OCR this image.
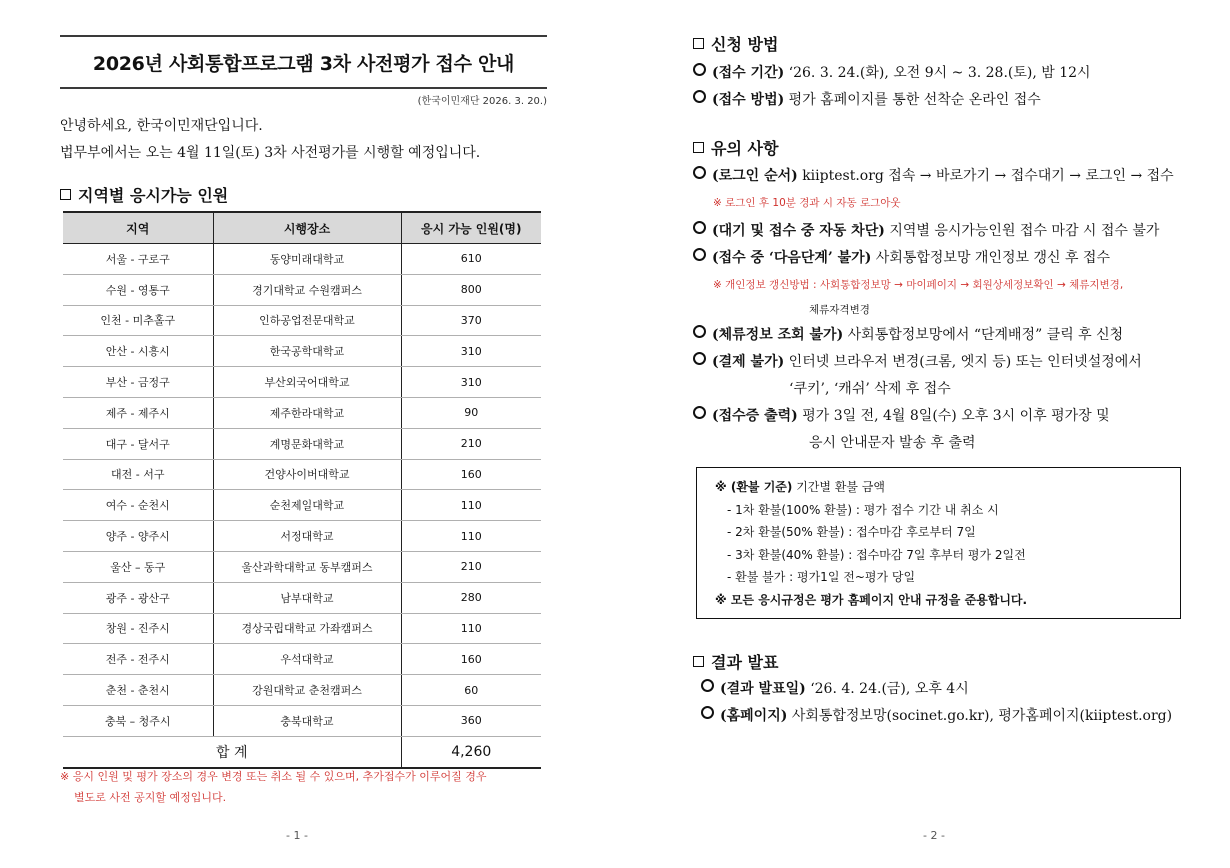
2026년 사회통합프로그램 3차 사전평가 접수 안내
(한국이민재단 2026. 3. 20.)
안녕하세요, 한국이민재단입니다.
법무부에서는 오는 4월 11일(토) 3차 사전평가를 시행할 예정입니다.
지역별 응시가능 인원
지역	시행장소	응시 가능 인원(명)
서울 - 구로구	동양미래대학교	610
수원 - 영통구	경기대학교 수원캠퍼스	800
인천 - 미추홀구	인하공업전문대학교	370
안산 - 시흥시	한국공학대학교	310
부산 - 금정구	부산외국어대학교	310
제주 - 제주시	제주한라대학교	90
대구 - 달서구	계명문화대학교	210
대전 - 서구	건양사이버대학교	160
여수 - 순천시	순천제일대학교	110
양주 - 양주시	서정대학교	110
울산 – 동구	울산과학대학교 동부캠퍼스	210
광주 - 광산구	남부대학교	280
창원 - 진주시	경상국립대학교 가좌캠퍼스	110
전주 - 전주시	우석대학교	160
춘천 - 춘천시	강원대학교 춘천캠퍼스	60
충북 – 청주시	충북대학교	360
합 계		4,260
※ 응시 인원 및 평가 장소의 경우 변경 또는 취소 될 수 있으며, 추가접수가 이루어질 경우
별도로 사전 공지할 예정입니다.
- 1 -
신청 방법
(접수 기간) ‘26. 3. 24.(화), 오전 9시 ~ 3. 28.(토), 밤 12시
(접수 방법) 평가 홈페이지를 통한 선착순 온라인 접수
유의 사항
(로그인 순서) kiiptest.org 접속 → 바로가기 → 접수대기 → 로그인 → 접수
※ 로그인 후 10분 경과 시 자동 로그아웃
(대기 및 접수 중 자동 차단) 지역별 응시가능인원 접수 마감 시 접수 불가
(접수 중 ‘다음단계’ 불가) 사회통합정보망 개인정보 갱신 후 접수
※ 개인정보 갱신방법 : 사회통합정보망 → 마이페이지 → 회원상세정보확인 → 체류지변경,
체류자격변경
(체류정보 조회 불가) 사회통합정보망에서 “단계배정” 클릭 후 신청
(결제 불가) 인터넷 브라우저 변경(크롬, 엣지 등) 또는 인터넷설정에서
‘쿠키’, ‘캐쉬’ 삭제 후 접수
(접수증 출력) 평가 3일 전, 4월 8일(수) 오후 3시 이후 평가장 및
응시 안내문자 발송 후 출력
※ (환불 기준) 기간별 환불 금액
- 1차 환불(100% 환불) : 평가 접수 기간 내 취소 시
- 2차 환불(50% 환불) : 접수마감 후로부터 7일
- 3차 환불(40% 환불) : 접수마감 7일 후부터 평가 2일전
- 환불 불가 : 평가1일 전~평가 당일
※ 모든 응시규정은 평가 홈페이지 안내 규정을 준용합니다.
결과 발표
(결과 발표일) ‘26. 4. 24.(금), 오후 4시
(홈페이지) 사회통합정보망(socinet.go.kr), 평가홈페이지(kiiptest.org)
- 2 -
